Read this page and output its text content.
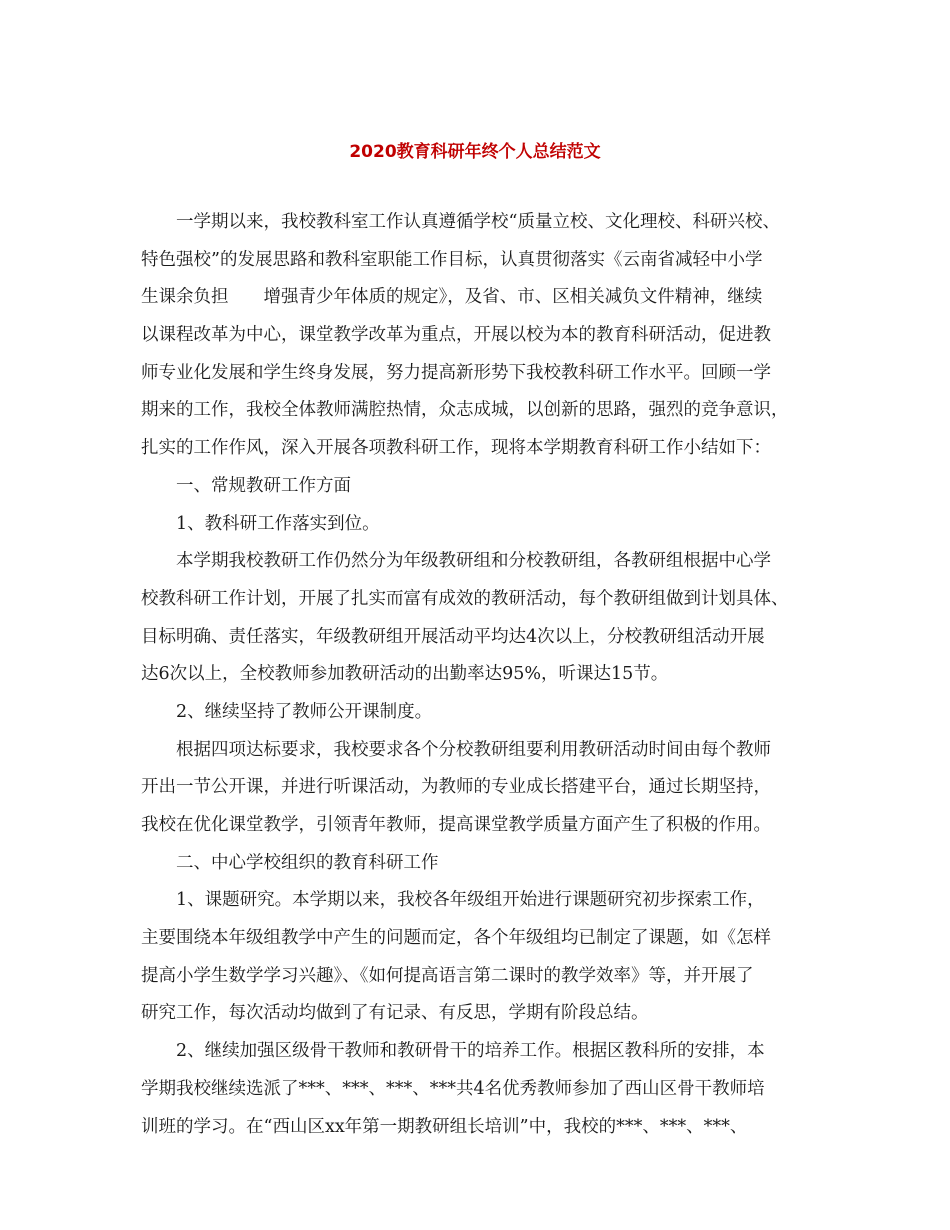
2020教育科研年终个人总结范文
一学期以来，我校教科室工作认真遵循学校“质量立校、文化理校、科研兴校、
特色强校”的发展思路和教科室职能工作目标，认真贯彻落实《云南省减轻中小学
生课余负担　　增强青少年体质的规定》，及省、市、区相关减负文件精神，继续
以课程改革为中心，课堂教学改革为重点，开展以校为本的教育科研活动，促进教
师专业化发展和学生终身发展，努力提高新形势下我校教科研工作水平。回顾一学
期来的工作，我校全体教师满腔热情，众志成城，以创新的思路，强烈的竞争意识，
扎实的工作作风，深入开展各项教科研工作，现将本学期教育科研工作小结如下：
一、常规教研工作方面
1、教科研工作落实到位。
本学期我校教研工作仍然分为年级教研组和分校教研组，各教研组根据中心学
校教科研工作计划，开展了扎实而富有成效的教研活动，每个教研组做到计划具体、
目标明确、责任落实，年级教研组开展活动平均达4次以上，分校教研组活动开展
达6次以上，全校教师参加教研活动的出勤率达95%，听课达15节。
2、继续坚持了教师公开课制度。
根据四项达标要求，我校要求各个分校教研组要利用教研活动时间由每个教师
开出一节公开课，并进行听课活动，为教师的专业成长搭建平台，通过长期坚持，
我校在优化课堂教学，引领青年教师，提高课堂教学质量方面产生了积极的作用。
二、中心学校组织的教育科研工作
1、课题研究。本学期以来，我校各年级组开始进行课题研究初步探索工作，
主要围绕本年级组教学中产生的问题而定，各个年级组均已制定了课题，如《怎样
提高小学生数学学习兴趣》、《如何提高语言第二课时的教学效率》等，并开展了
研究工作，每次活动均做到了有记录、有反思，学期有阶段总结。
2、继续加强区级骨干教师和教研骨干的培养工作。根据区教科所的安排，本
学期我校继续选派了***、***、***、***共4名优秀教师参加了西山区骨干教师培
训班的学习。在“西山区xx年第一期教研组长培训”中，我校的***、***、***、
